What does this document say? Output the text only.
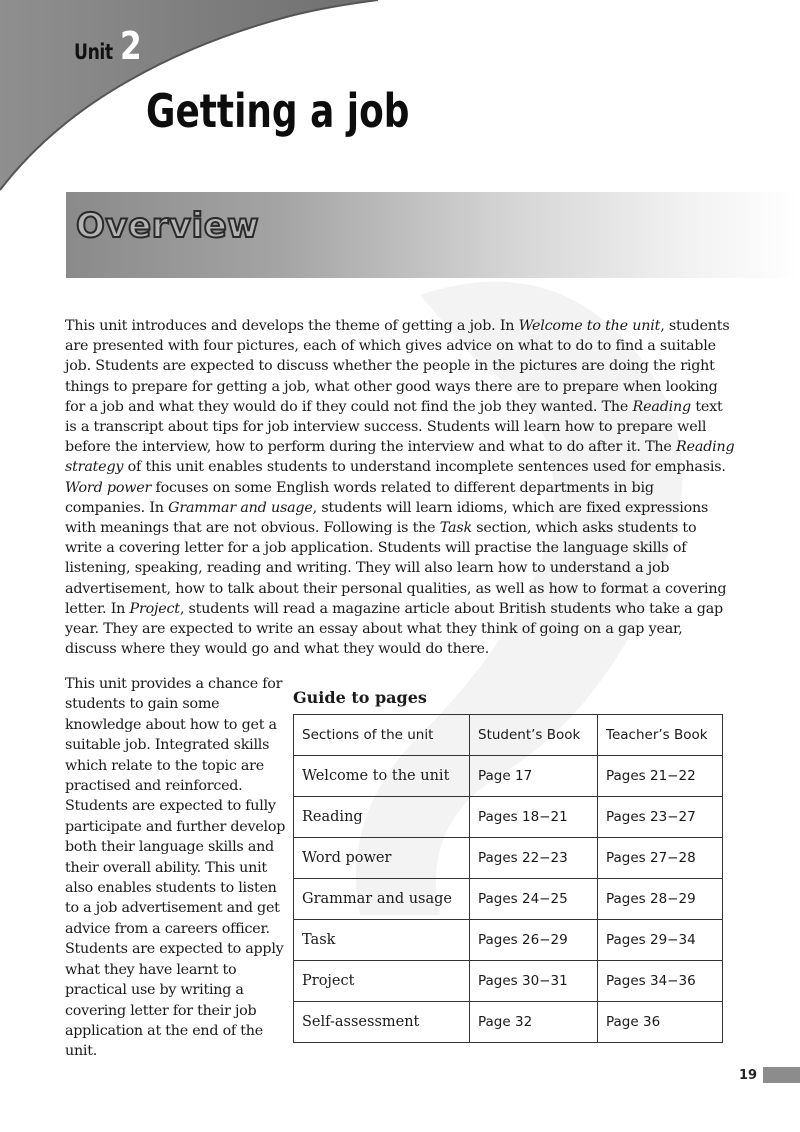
Unit 2
Getting a job
Overview

This unit introduces and develops the theme of getting a job. In Welcome to the unit, students are presented with four pictures, each of which gives advice on what to do to find a suitable job. Students are expected to discuss whether the people in the pictures are doing the right things to prepare for getting a job, what other good ways there are to prepare when looking for a job and what they would do if they could not find the job they wanted. The Reading text is a transcript about tips for job interview success. Students will learn how to prepare well before the interview, how to perform during the interview and what to do after it. The Reading strategy of this unit enables students to understand incomplete sentences used for emphasis. Word power focuses on some English words related to different departments in big companies. In Grammar and usage, students will learn idioms, which are fixed expressions with meanings that are not obvious. Following is the Task section, which asks students to write a covering letter for a job application. Students will practise the language skills of listening, speaking, reading and writing. They will also learn how to understand a job advertisement, how to talk about their personal qualities, as well as how to format a covering letter. In Project, students will read a magazine article about British students who take a gap year. They are expected to write an essay about what they think of going on a gap year, discuss where they would go and what they would do there.

This unit provides a chance for students to gain some knowledge about how to get a suitable job. Integrated skills which relate to the topic are practised and reinforced. Students are expected to fully participate and further develop both their language skills and their overall ability. This unit also enables students to listen to a job advertisement and get advice from a careers officer. Students are expected to apply what they have learnt to practical use by writing a covering letter for their job application at the end of the unit.

Guide to pages
Sections of the unit	Student’s Book	Teacher’s Book
Welcome to the unit	Page 17	Pages 21−22
Reading	Pages 18−21	Pages 23−27
Word power	Pages 22−23	Pages 27−28
Grammar and usage	Pages 24−25	Pages 28−29
Task	Pages 26−29	Pages 29−34
Project	Pages 30−31	Pages 34−36
Self-assessment	Page 32	Page 36
19
